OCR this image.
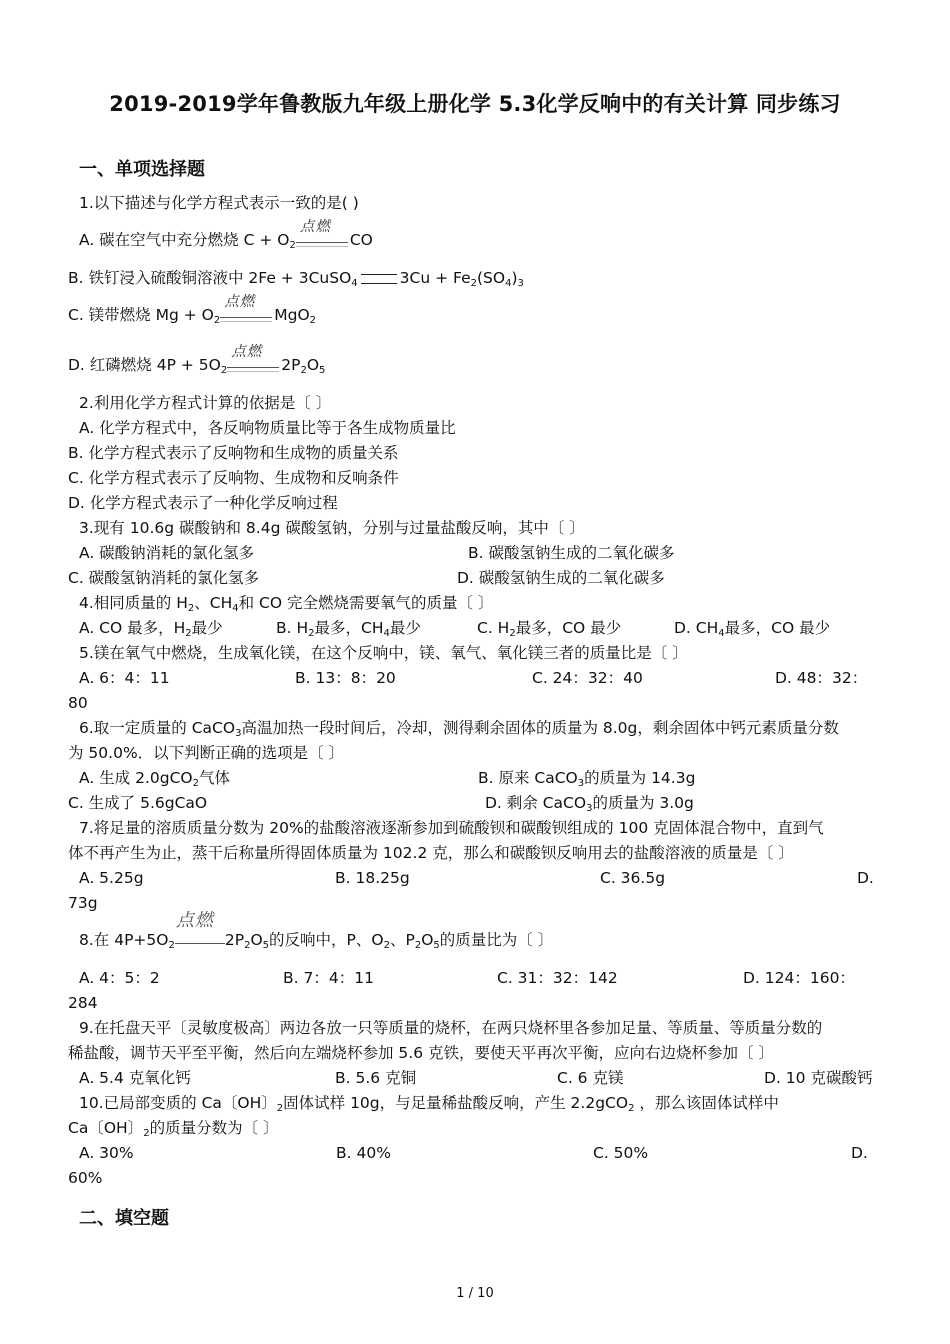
2019-2019学年鲁教版九年级上册化学 5.3化学反响中的有关计算 同步练习
一、单项选择题
1.以下描述与化学方程式表示一致的是( )
A. 碳在空气中充分燃烧 $C + O_2$
点燃
CO
B. 铁钉浸入硫酸铜溶液中 2Fe + 3CuSO$_4$	$3Cu + Fe_2(SO_4)_3$
C. 镁带燃烧 $Mg + O_2$
点燃
MgO$_2$
D. 红磷燃烧 $4P + 5O_2$
点燃
$2P_2O_5$
2.利用化学方程式计算的依据是〔 〕
A. 化学方程式中，各反响物质量比等于各生成物质量比
B. 化学方程式表示了反响物和生成物的质量关系
C. 化学方程式表示了反响物、生成物和反响条件
D. 化学方程式表示了一种化学反响过程
3.现有 10.6g 碳酸钠和 8.4g 碳酸氢钠，分别与过量盐酸反响，其中〔 〕
A. 碳酸钠消耗的氯化氢多	B. 碳酸氢钠生成的二氧化碳多
C. 碳酸氢钠消耗的氯化氢多	D. 碳酸氢钠生成的二氧化碳多
4.相同质量的 $H_2$、$CH_4$和 CO 完全燃烧需要氧气的质量〔 〕
A. CO 最多，$H_2$最少	B. $H_2$最多，$CH_4$最少	C. $H_2$最多，CO 最少	D. $CH_4$最多，CO 最少
5.镁在氧气中燃烧，生成氧化镁，在这个反响中，镁、氧气、氧化镁三者的质量比是〔 〕
A. 6：4：11	B. 13：8：20	C. 24：32：40	D. 48：32：
80
6.取一定质量的 CaCO$_3$高温加热一段时间后，冷却，测得剩余固体的质量为 8.0g，剩余固体中钙元素质量分数
为 50.0%．以下判断正确的选项是〔 〕
A. 生成 2.0gCO$_2$气体	B. 原来 CaCO$_3$的质量为 14.3g
C. 生成了 5.6gCaO	D. 剩余 CaCO$_3$的质量为 3.0g
7.将足量的溶质质量分数为 20%的盐酸溶液逐渐参加到硫酸钡和碳酸钡组成的 100 克固体混合物中，直到气
体不再产生为止，蒸干后称量所得固体质量为 102.2 克，那么和碳酸钡反响用去的盐酸溶液的质量是〔 〕
A. 5.25g	B. 18.25g	C. 36.5g	D.
73g
8.在 $4P+5O_2$
点燃
$2P_2O_5$的反响中，P、$O_2$、$P_2O_5$的质量比为〔 〕
A. 4：5：2	B. 7：4：11	C. 31：32：142	D. 124：160：
284
9.在托盘天平〔灵敏度极高〕两边各放一只等质量的烧杯，在两只烧杯里各参加足量、等质量、等质量分数的
稀盐酸，调节天平至平衡，然后向左端烧杯参加 5.6 克铁，要使天平再次平衡，应向右边烧杯参加〔 〕
A. 5.4 克氧化钙	B. 5.6 克铜	C. 6 克镁	D. 10 克碳酸钙
10.已局部变质的 Ca〔OH〕$_2$固体试样 10g，与足量稀盐酸反响，产生 2.2gCO$_2$ ，那么该固体试样中
Ca〔OH〕$_2$的质量分数为〔 〕
A. 30%	B. 40%	C. 50%	D.
60%
二、填空题
1 / 10
